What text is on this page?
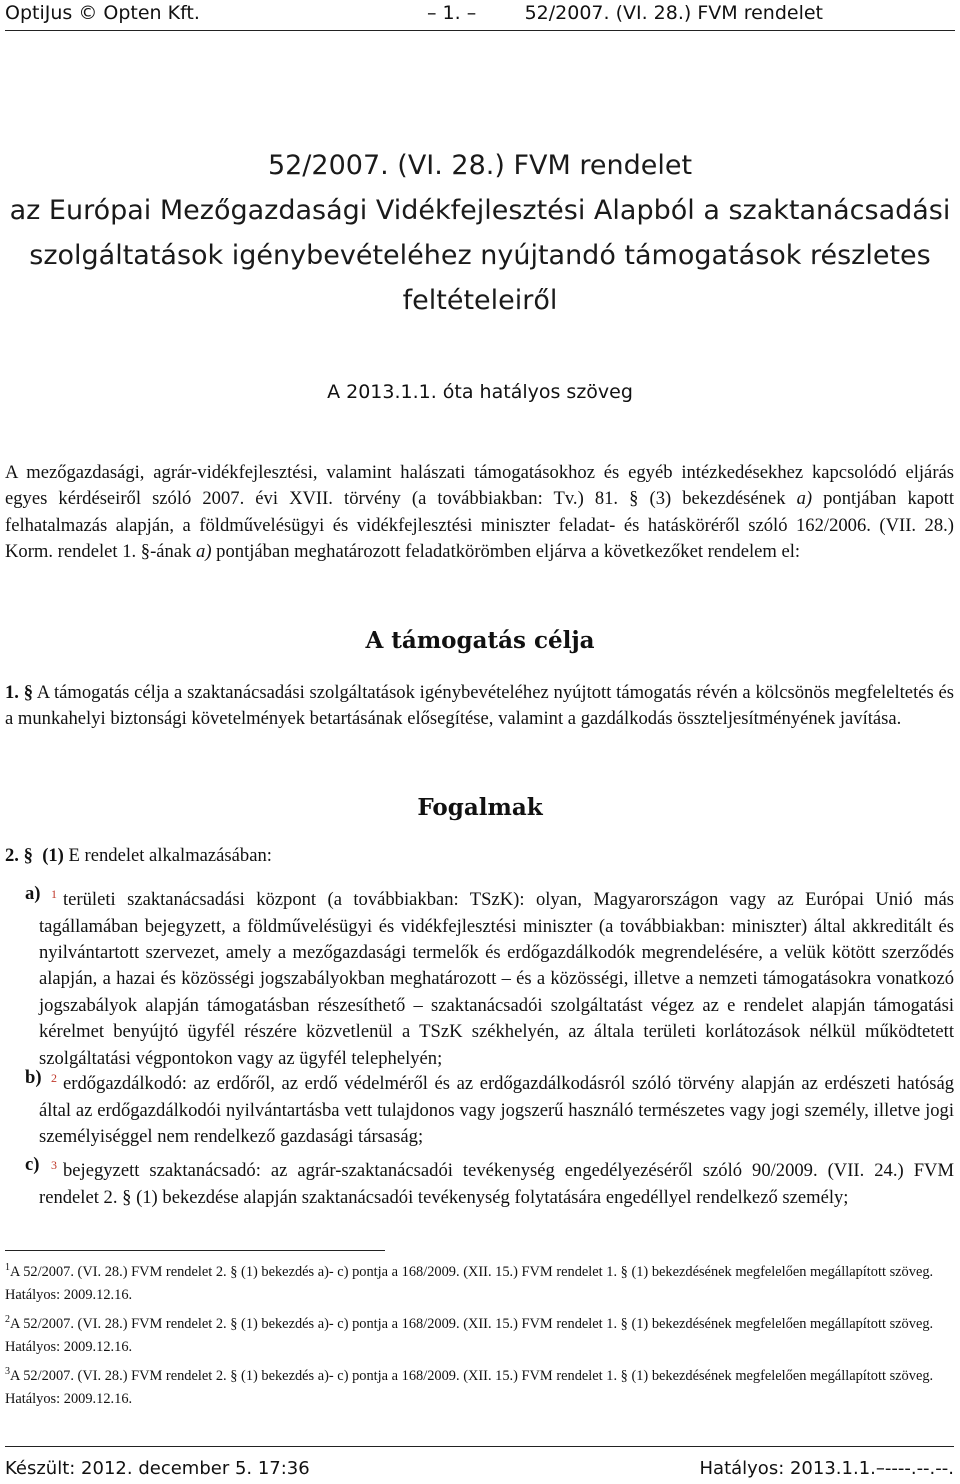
OptiJus © Opten Kft.	– 1. –	52/2007. (VI. 28.) FVM rendelet
52/2007. (VI. 28.) FVM rendelet
az Európai Mezőgazdasági Vidékfejlesztési Alapból a szaktanácsadási
szolgáltatások igénybevételéhez nyújtandó támogatások részletes
feltételeiről
A 2013.1.1. óta hatályos szöveg
A mezőgazdasági, agrár-vidékfejlesztési, valamint halászati támogatásokhoz és egyéb intézkedésekhez kapcsolódó eljárás egyes kérdéseiről szóló 2007. évi XVII. törvény (a továbbiakban: Tv.) 81. § (3) bekezdésének a) pontjában kapott felhatalmazás alapján, a földművelésügyi és vidékfejlesztési miniszter feladat- és hatásköréről szóló 162/2006. (VII. 28.) Korm. rendelet 1. §-ának a) pontjában meghatározott feladatkörömben eljárva a következőket rendelem el:
A támogatás célja
1. § A támogatás célja a szaktanácsadási szolgáltatások igénybevételéhez nyújtott támogatás révén a kölcsönös megfeleltetés és a munkahelyi biztonsági követelmények betartásának elősegítése, valamint a gazdálkodás összteljesítményének javítása.
Fogalmak
2. § (1) E rendelet alkalmazásában:
a) $^1$ területi szaktanácsadási központ (a továbbiakban: TSzK): olyan, Magyarországon vagy az Európai Unió más tagállamában bejegyzett, a földművelésügyi és vidékfejlesztési miniszter (a továbbiakban: miniszter) által akkreditált és nyilvántartott szervezet, amely a mezőgazdasági termelők és erdőgazdálkodók megrendelésére, a velük kötött szerződés alapján, a hazai és közösségi jogszabályokban meghatározott – és a közösségi, illetve a nemzeti támogatásokra vonatkozó jogszabályok alapján támogatásban részesíthető – szaktanácsadói szolgáltatást végez az e rendelet alapján támogatási kérelmet benyújtó ügyfél részére közvetlenül a TSzK székhelyén, az általa területi korlátozások nélkül működtetett szolgáltatási végpontokon vagy az ügyfél telephelyén;
b) $^2$ erdőgazdálkodó: az erdőről, az erdő védelméről és az erdőgazdálkodásról szóló törvény alapján az erdészeti hatóság által az erdőgazdálkodói nyilvántartásba vett tulajdonos vagy jogszerű használó természetes vagy jogi személy, illetve jogi személyiséggel nem rendelkező gazdasági társaság;
c) $^3$ bejegyzett szaktanácsadó: az agrár-szaktanácsadói tevékenység engedélyezéséről szóló 90/2009. (VII. 24.) FVM rendelet 2. § (1) bekezdése alapján szaktanácsadói tevékenység folytatására engedéllyel rendelkező személy;
$^1$A 52/2007. (VI. 28.) FVM rendelet 2. § (1) bekezdés a)- c) pontja a 168/2009. (XII. 15.) FVM rendelet 1. § (1) bekezdésének megfelelően megállapított szöveg. Hatályos: 2009.12.16.
$^2$A 52/2007. (VI. 28.) FVM rendelet 2. § (1) bekezdés a)- c) pontja a 168/2009. (XII. 15.) FVM rendelet 1. § (1) bekezdésének megfelelően megállapított szöveg. Hatályos: 2009.12.16.
$^3$A 52/2007. (VI. 28.) FVM rendelet 2. § (1) bekezdés a)- c) pontja a 168/2009. (XII. 15.) FVM rendelet 1. § (1) bekezdésének megfelelően megállapított szöveg. Hatályos: 2009.12.16.
Készült: 2012. december 5. 17:36	Hatályos: 2013.1.1.–----.--.--.
